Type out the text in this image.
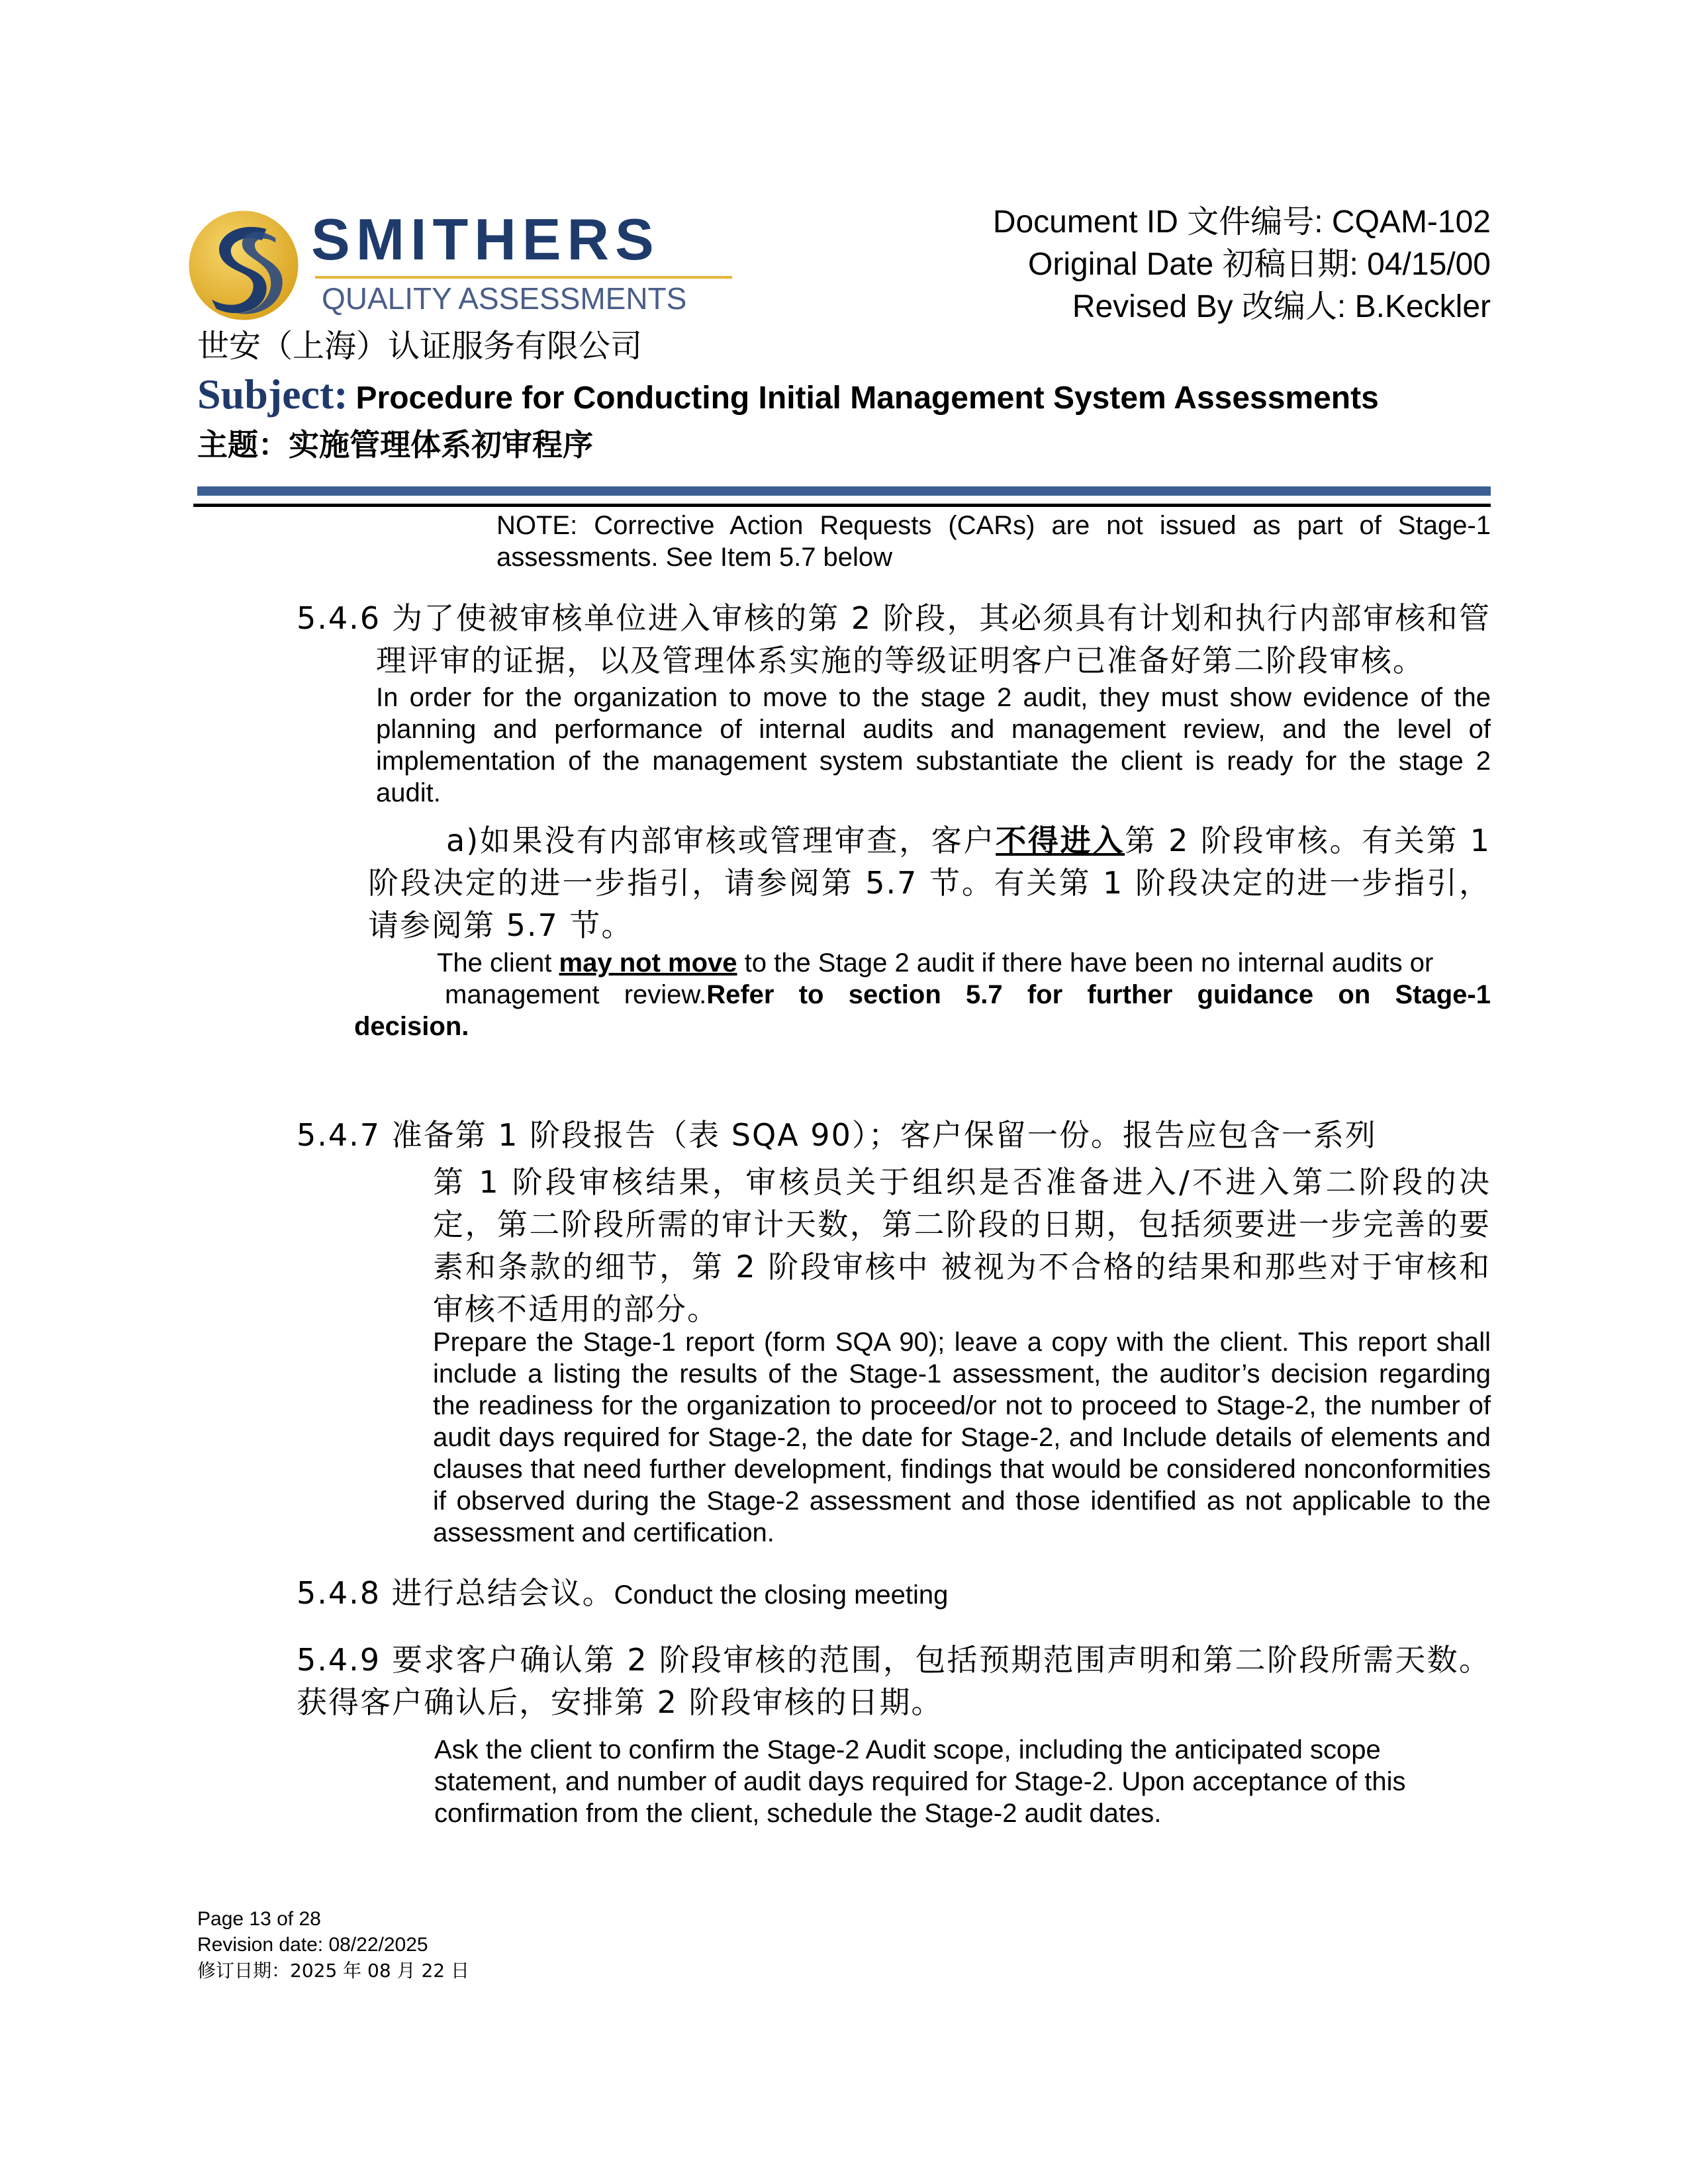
SMITHERS
QUALITY ASSESSMENTS
世安（上海）认证服务有限公司
Document ID 文件编号: CQAM-102
Original Date 初稿日期: 04/15/00
Revised By 改编人: B.Keckler
Subject: Procedure for Conducting Initial Management System Assessments
主题：实施管理体系初审程序
NOTE: Corrective Action Requests (CARs) are not issued as part of Stage-1 assessments. See Item 5.7 below
5.4.6 为了使被审核单位进入审核的第 2 阶段，其必须具有计划和执行内部审核和管理评审的证据，以及管理体系实施的等级证明客户已准备好第二阶段审核。
In order for the organization to move to the stage 2 audit, they must show evidence of the planning and performance of internal audits and management review, and the level of implementation of the management system substantiate the client is ready for the stage 2 audit.
a)如果没有内部审核或管理审查，客户不得进入第 2 阶段审核。有关第 1 阶段决定的进一步指引，请参阅第 5.7 节。有关第 1 阶段决定的进一步指引，请参阅第 5.7 节。
The client may not move to the Stage 2 audit if there have been no internal audits or
management review.Refer to section 5.7 for further guidance on Stage-1
decision.
5.4.7 准备第 1 阶段报告（表 SQA 90）；客户保留一份。报告应包含一系列
第 1 阶段审核结果，审核员关于组织是否准备进入/不进入第二阶段的决定，第二阶段所需的审计天数，第二阶段的日期，包括须要进一步完善的要素和条款的细节，第 2 阶段审核中 被视为不合格的结果和那些对于审核和审核不适用的部分。
Prepare the Stage-1 report (form SQA 90); leave a copy with the client. This report shall include a listing the results of the Stage-1 assessment, the auditor’s decision regarding the readiness for the organization to proceed/or not to proceed to Stage-2, the number of audit days required for Stage-2, the date for Stage-2, and Include details of elements and clauses that need further development, findings that would be considered nonconformities if observed during the Stage-2 assessment and those identified as not applicable to the assessment and certification.
5.4.8 进行总结会议。Conduct the closing meeting
5.4.9 要求客户确认第 2 阶段审核的范围，包括预期范围声明和第二阶段所需天数。获得客户确认后，安排第 2 阶段审核的日期。
Ask the client to confirm the Stage-2 Audit scope, including the anticipated scope statement, and number of audit days required for Stage-2. Upon acceptance of this confirmation from the client, schedule the Stage-2 audit dates.
Page 13 of 28
Revision date: 08/22/2025
修订日期：2025 年 08 月 22 日
